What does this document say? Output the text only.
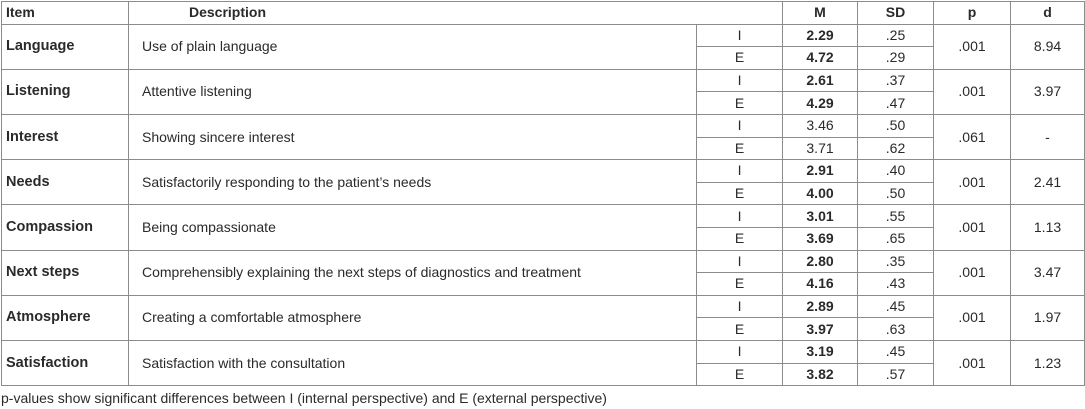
Item	Description		M	SD	p	d
Language	Use of plain language	I	2.29	.25	.001	8.94
		E	4.72	.29		
Listening	Attentive listening	I	2.61	.37	.001	3.97
		E	4.29	.47		
Interest	Showing sincere interest	I	3.46	.50	.061	-
		E	3.71	.62		
Needs	Satisfactorily responding to the patient’s needs	I	2.91	.40	.001	2.41
		E	4.00	.50		
Compassion	Being compassionate	I	3.01	.55	.001	1.13
		E	3.69	.65		
Next steps	Comprehensibly explaining the next steps of diagnostics and treatment	I	2.80	.35	.001	3.47
		E	4.16	.43		
Atmosphere	Creating a comfortable atmosphere	I	2.89	.45	.001	1.97
		E	3.97	.63		
Satisfaction	Satisfaction with the consultation	I	3.19	.45	.001	1.23
		E	3.82	.57		
p-values show significant differences between I (internal perspective) and E (external perspective)
